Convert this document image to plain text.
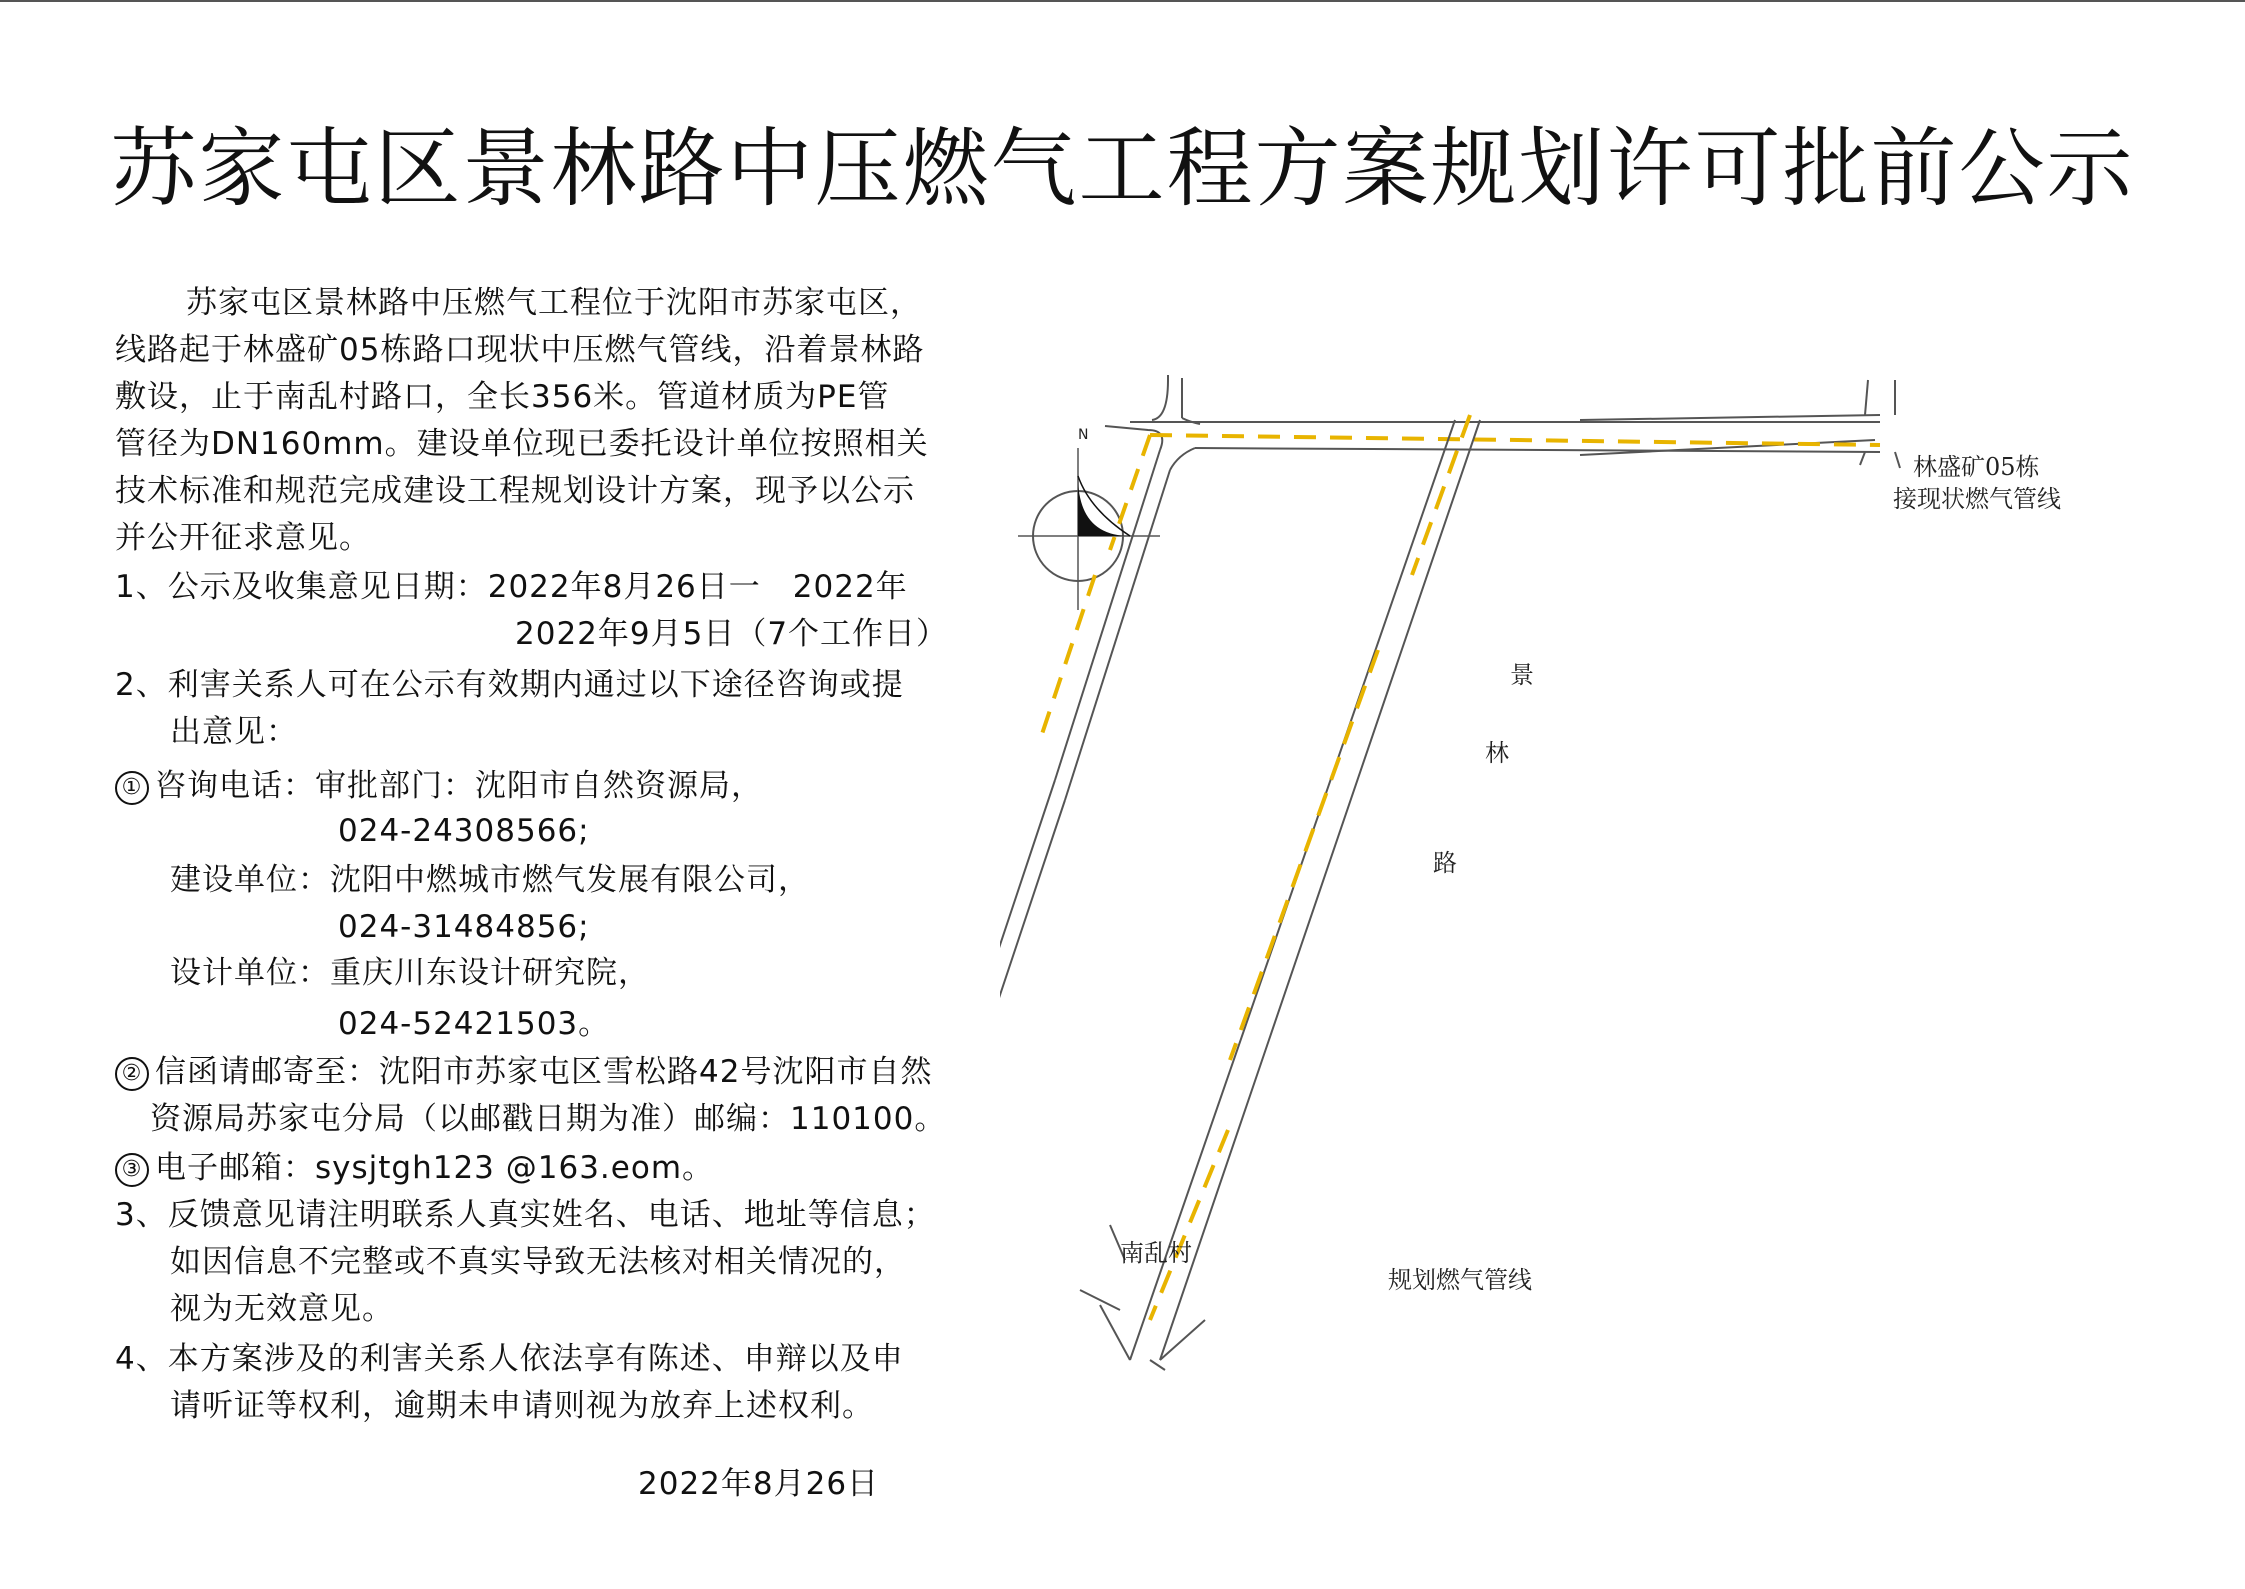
苏家屯区景林路中压燃气工程方案规划许可批前公示
苏家屯区景林路中压燃气工程位于沈阳市苏家屯区，
线路起于林盛矿05栋路口现状中压燃气管线，沿着景林路
敷设，止于南乱村路口，全长356米。管道材质为PE管
管径为DN160mm。建设单位现已委托设计单位按照相关
技术标准和规范完成建设工程规划设计方案，现予以公示
并公开征求意见。
1、公示及收集意见日期：2022年8月26日一　2022年
2022年9月5日（7个工作日）
2、利害关系人可在公示有效期内通过以下途径咨询或提
出意见：
① 咨询电话：审批部门：沈阳市自然资源局，
024-24308566;
建设单位：沈阳中燃城市燃气发展有限公司，
024-31484856;
设计单位：重庆川东设计研究院，
024-52421503。
② 信函请邮寄至：沈阳市苏家屯区雪松路42号沈阳市自然
资源局苏家屯分局（以邮戳日期为准）邮编：110100。
③ 电子邮箱：sysjtgh123 @163.eom。
3、反馈意见请注明联系人真实姓名、电话、地址等信息；
如因信息不完整或不真实导致无法核对相关情况的，
视为无效意见。
4、本方案涉及的利害关系人依法享有陈述、申辩以及申
请听证等权利，逾期未申请则视为放弃上述权利。
2022年8月26日
N
景
林
路
林盛矿05栋
接现状燃气管线
南乱村
规划燃气管线
